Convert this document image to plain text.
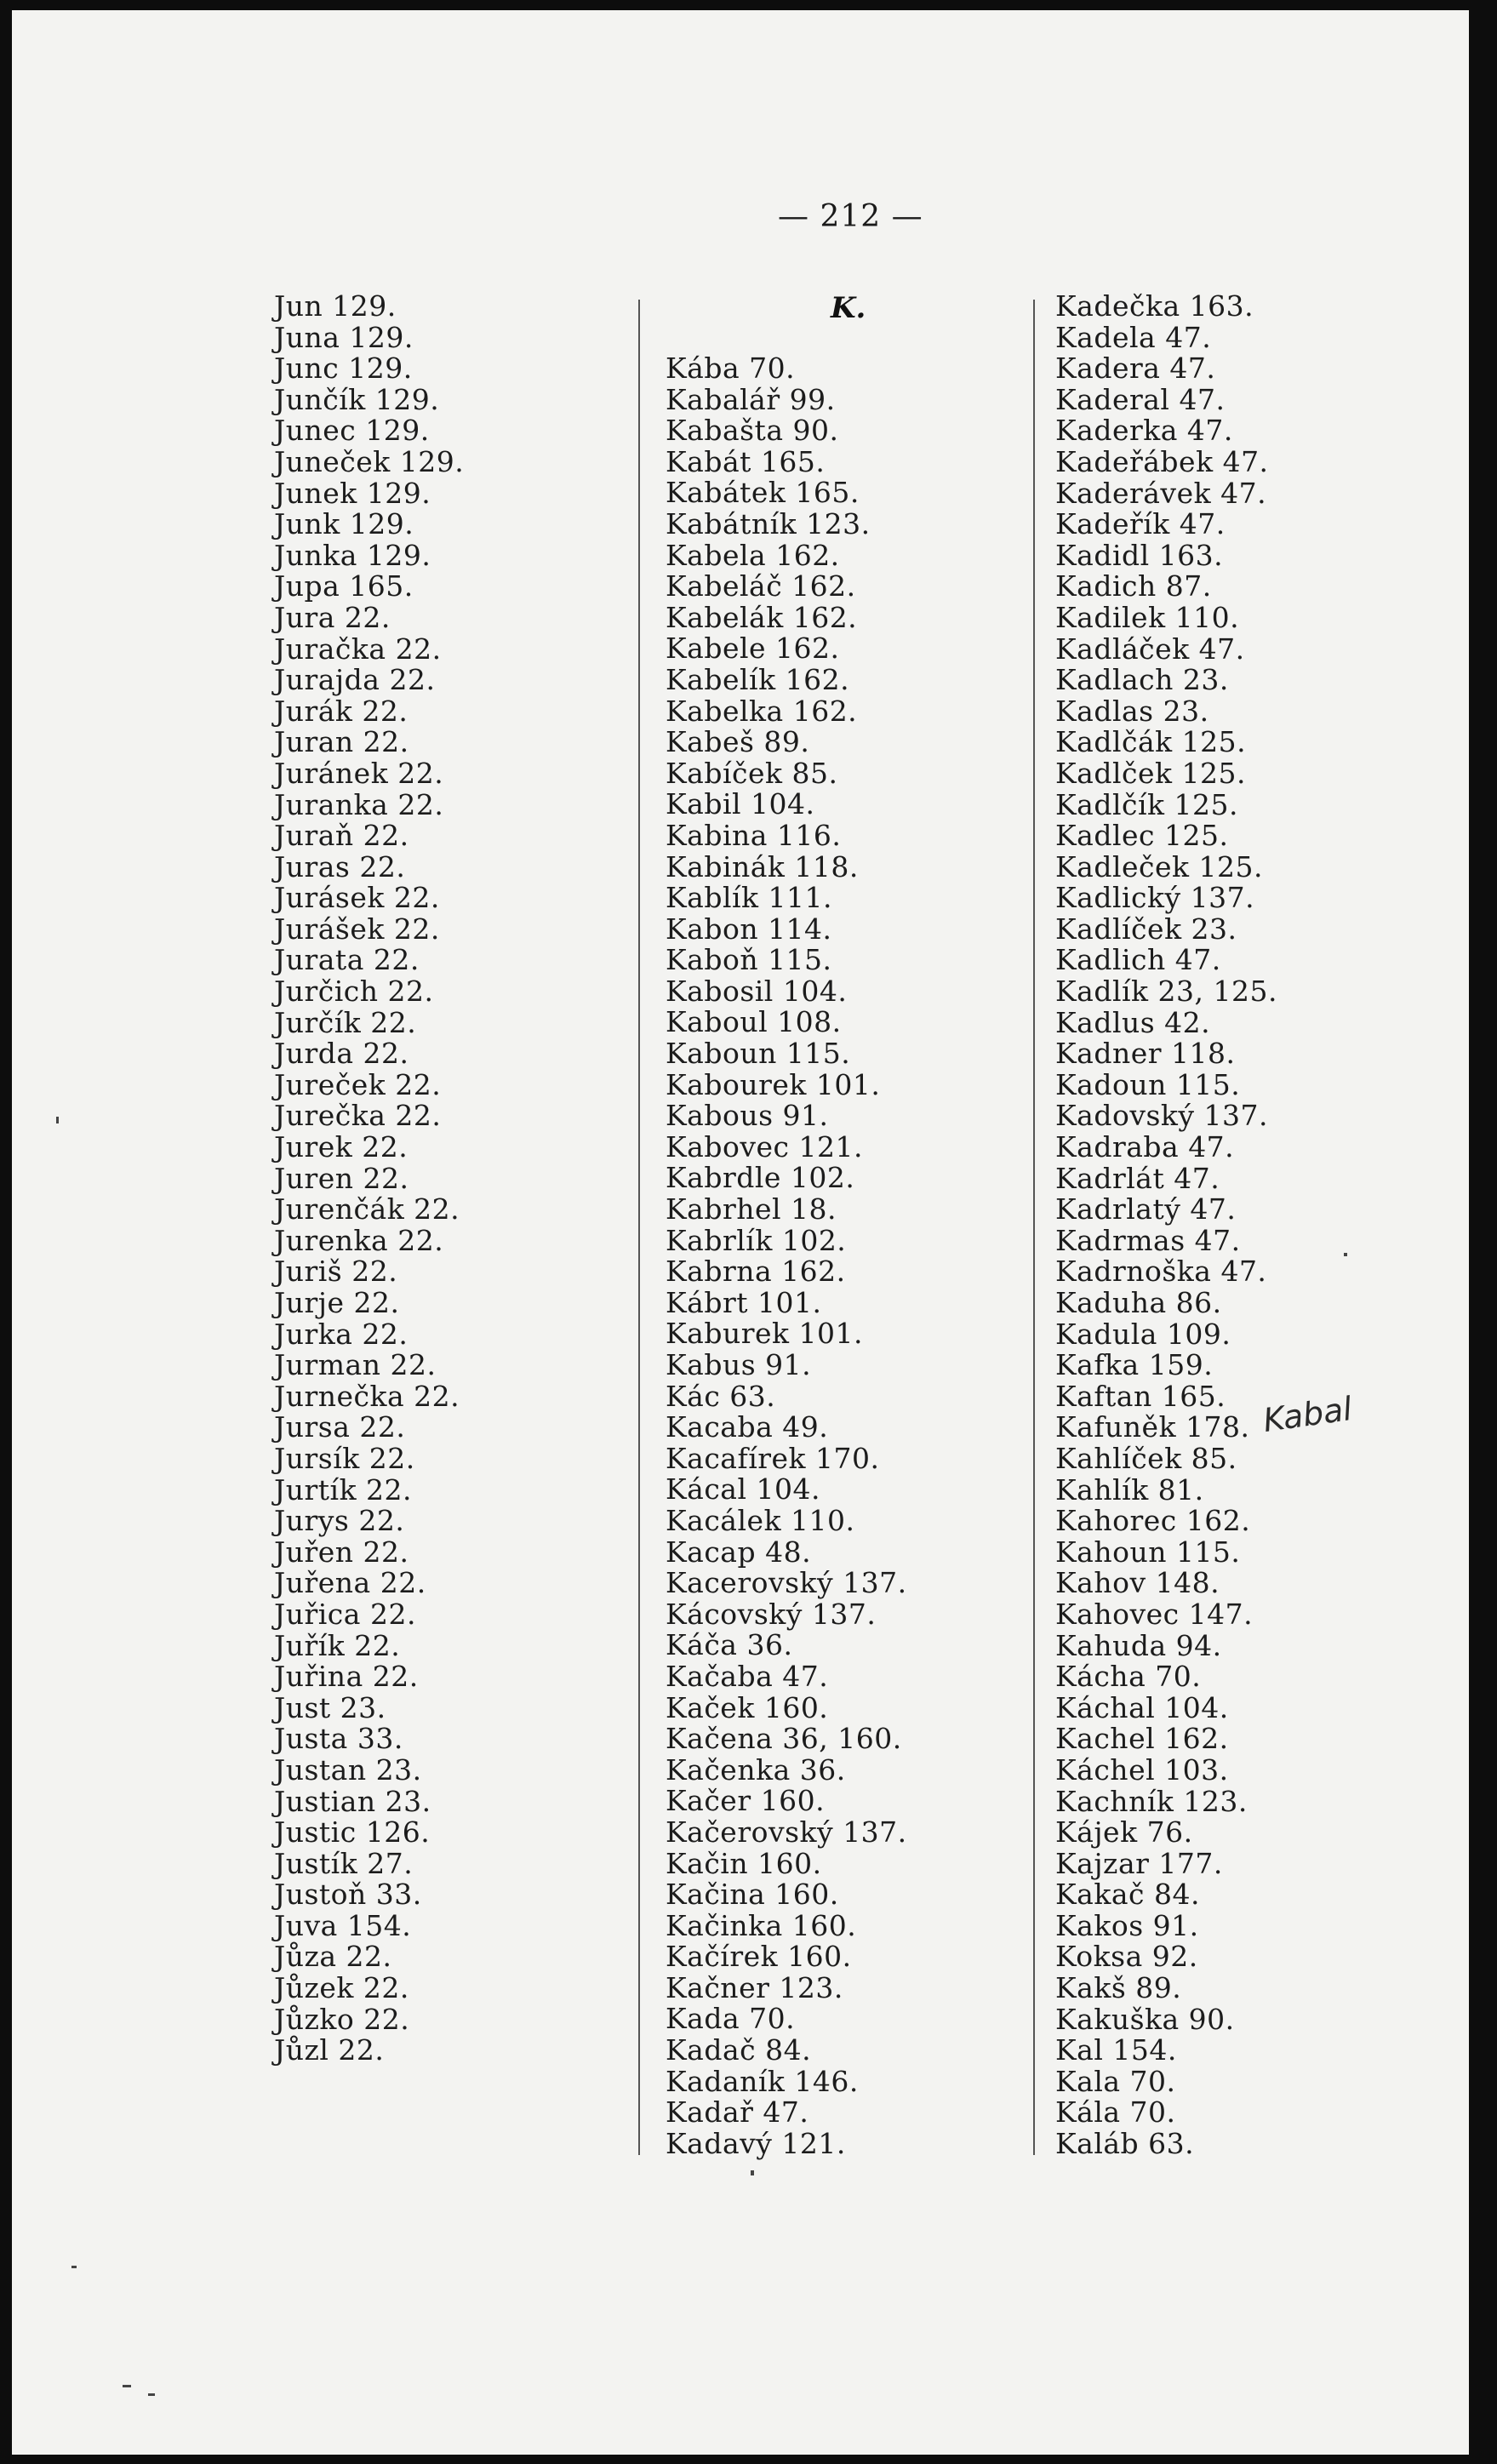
— 212 —
Jun 129.
Juna 129.
Junc 129.
Junčík 129.
Junec 129.
Juneček 129.
Junek 129.
Junk 129.
Junka 129.
Jupa 165.
Jura 22.
Juračka 22.
Jurajda 22.
Jurák 22.
Juran 22.
Juránek 22.
Juranka 22.
Juraň 22.
Juras 22.
Jurásek 22.
Jurášek 22.
Jurata 22.
Jurčich 22.
Jurčík 22.
Jurda 22.
Jureček 22.
Jurečka 22.
Jurek 22.
Juren 22.
Jurenčák 22.
Jurenka 22.
Juriš 22.
Jurje 22.
Jurka 22.
Jurman 22.
Jurnečka 22.
Jursa 22.
Jursík 22.
Jurtík 22.
Jurys 22.
Juřen 22.
Juřena 22.
Juřica 22.
Juřík 22.
Juřina 22.
Just 23.
Justa 33.
Justan 23.
Justian 23.
Justic 126.
Justík 27.
Justoň 33.
Juva 154.
Jůza 22.
Jůzek 22.
Jůzko 22.
Jůzl 22.
K.
Kába 70.
Kabalář 99.
Kabašta 90.
Kabát 165.
Kabátek 165.
Kabátník 123.
Kabela 162.
Kabeláč 162.
Kabelák 162.
Kabele 162.
Kabelík 162.
Kabelka 162.
Kabeš 89.
Kabíček 85.
Kabil 104.
Kabina 116.
Kabinák 118.
Kablík 111.
Kabon 114.
Kaboň 115.
Kabosil 104.
Kaboul 108.
Kaboun 115.
Kabourek 101.
Kabous 91.
Kabovec 121.
Kabrdle 102.
Kabrhel 18.
Kabrlík 102.
Kabrna 162.
Kábrt 101.
Kaburek 101.
Kabus 91.
Kác 63.
Kacaba 49.
Kacafírek 170.
Kácal 104.
Kacálek 110.
Kacap 48.
Kacerovský 137.
Kácovský 137.
Káča 36.
Kačaba 47.
Kaček 160.
Kačena 36, 160.
Kačenka 36.
Kačer 160.
Kačerovský 137.
Kačin 160.
Kačina 160.
Kačinka 160.
Kačírek 160.
Kačner 123.
Kada 70.
Kadač 84.
Kadaník 146.
Kadař 47.
Kadavý 121.
Kadečka 163.
Kadela 47.
Kadera 47.
Kaderal 47.
Kaderka 47.
Kadeřábek 47.
Kaderávek 47.
Kadeřík 47.
Kadidl 163.
Kadich 87.
Kadilek 110.
Kadláček 47.
Kadlach 23.
Kadlas 23.
Kadlčák 125.
Kadlček 125.
Kadlčík 125.
Kadlec 125.
Kadleček 125.
Kadlický 137.
Kadlíček 23.
Kadlich 47.
Kadlík 23, 125.
Kadlus 42.
Kadner 118.
Kadoun 115.
Kadovský 137.
Kadraba 47.
Kadrlát 47.
Kadrlatý 47.
Kadrmas 47.
Kadrnoška 47.
Kaduha 86.
Kadula 109.
Kafka 159.
Kaftan 165.
Kafuněk 178.
Kahlíček 85.
Kahlík 81.
Kahorec 162.
Kahoun 115.
Kahov 148.
Kahovec 147.
Kahuda 94.
Kácha 70.
Káchal 104.
Kachel 162.
Káchel 103.
Kachník 123.
Kájek 76.
Kajzar 177.
Kakač 84.
Kakos 91.
Koksa 92.
Kakš 89.
Kakuška 90.
Kal 154.
Kala 70.
Kála 70.
Kaláb 63.
Kabal
